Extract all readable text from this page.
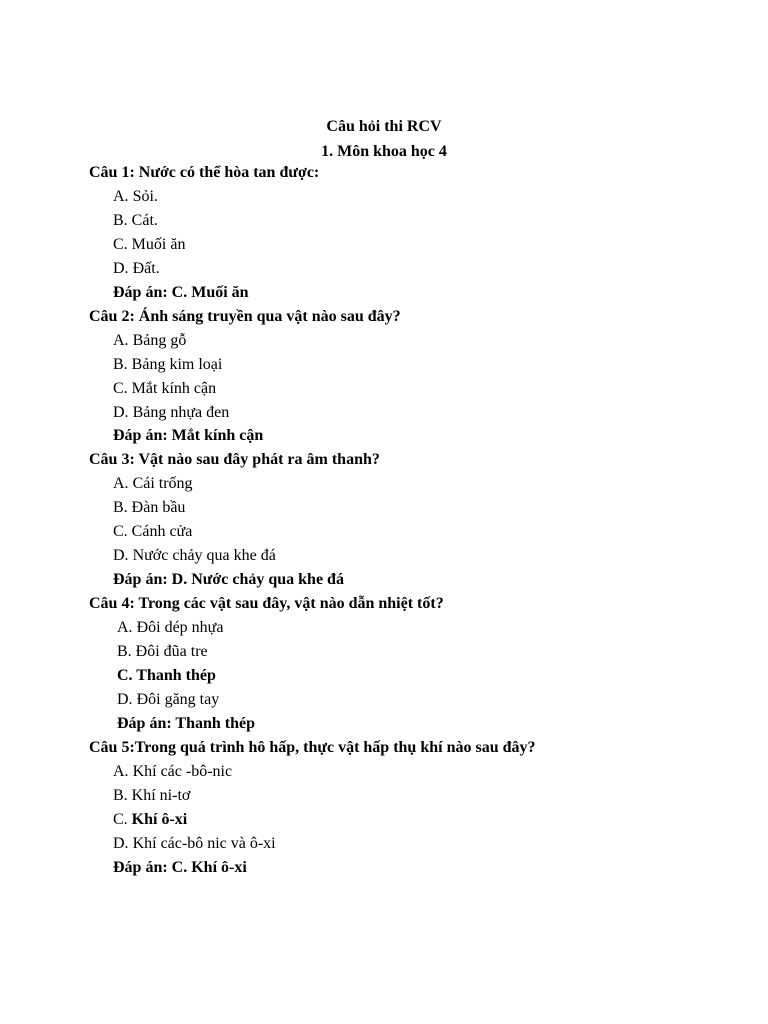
Câu hỏi thi RCV
1. Môn khoa học 4
Câu 1: Nước có thể hòa tan được:
A. Sỏi.
B. Cát.
C. Muối ăn
D. Đất.
Đáp án: C. Muối ăn
Câu 2: Ánh sáng truyền qua vật nào sau đây?
A. Bảng gỗ
B. Bảng kim loại
C. Mắt kính cận
D. Bảng nhựa đen
Đáp án: Mắt kính cận
Câu 3: Vật nào sau đây phát ra âm thanh?
A. Cái trống
B. Đàn bầu
C. Cánh cửa
D. Nước chảy qua khe đá
Đáp án: D. Nước chảy qua khe đá
Câu 4: Trong các vật sau đây, vật nào dẫn nhiệt tốt?
A. Đôi dép nhựa
B. Đôi đũa tre
C. Thanh thép
D. Đôi găng tay
Đáp án: Thanh thép
Câu 5:Trong quá trình hô hấp, thực vật hấp thụ khí nào sau đây?
A. Khí các -bô-nic
B. Khí ni-tơ
C. Khí ô-xi
D. Khí các-bô nic và ô-xi
Đáp án: C. Khí ô-xi
